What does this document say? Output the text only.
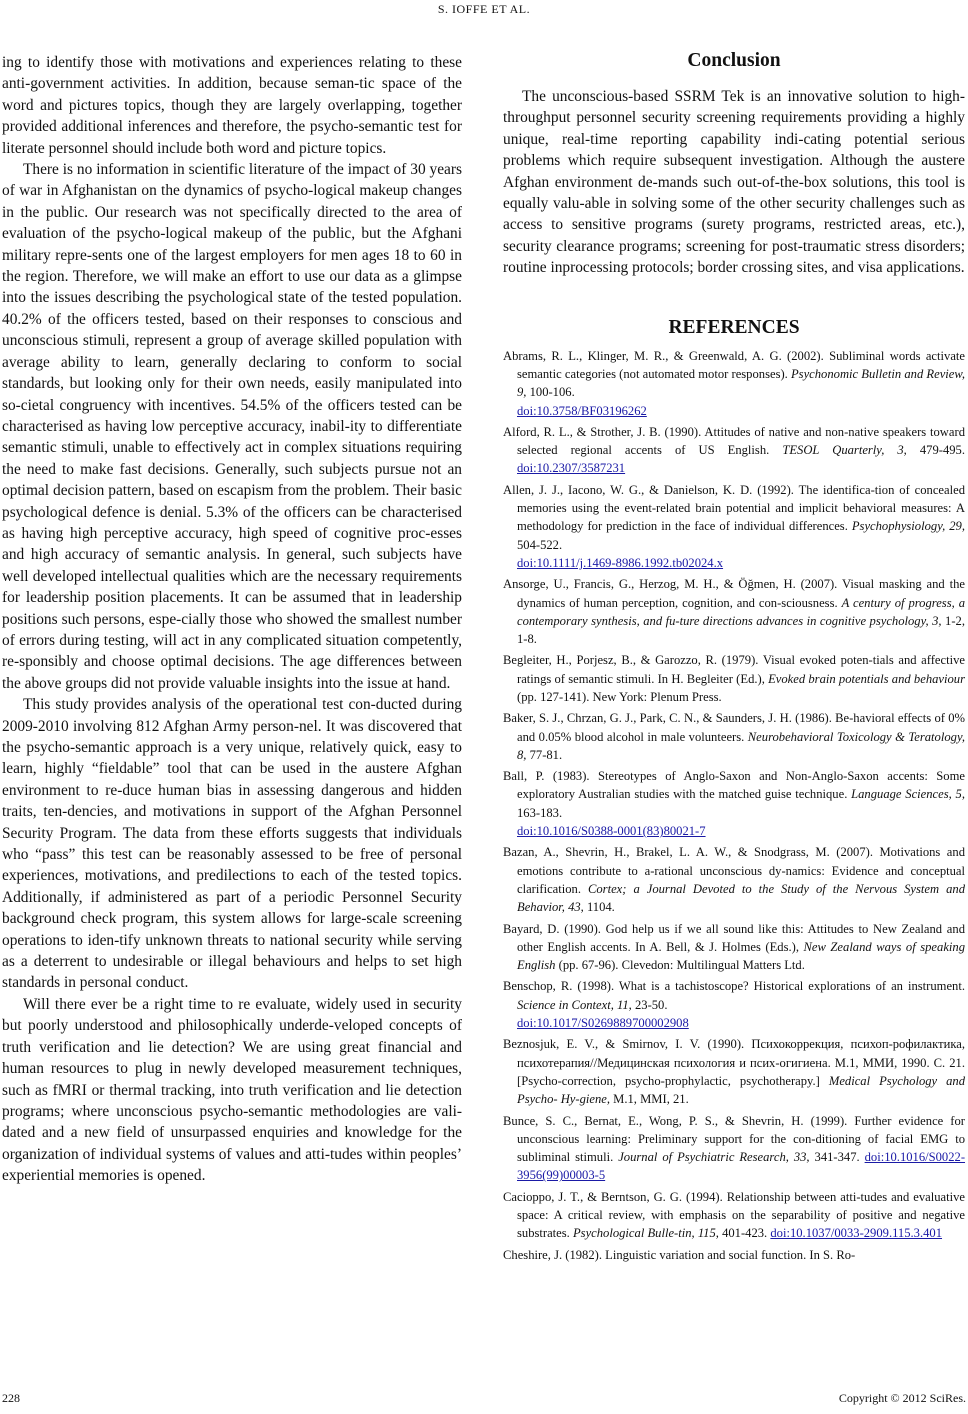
S. IOFFE ET AL.

ing to identify those with motivations and experiences relating to these anti-government activities. In addition, because seman-tic space of the word and pictures topics, though they are largely overlapping, together provided additional inferences and therefore, the psycho-semantic test for literate personnel should include both word and picture topics.

There is no information in scientific literature of the impact of 30 years of war in Afghanistan on the dynamics of psycho-logical makeup changes in the public. Our research was not specifically directed to the area of evaluation of the psycho-logical makeup of the public, but the Afghani military repre-sents one of the largest employers for men ages 18 to 60 in the region. Therefore, we will make an effort to use our data as a glimpse into the issues describing the psychological state of the tested population. 40.2% of the officers tested, based on their responses to conscious and unconscious stimuli, represent a group of average skilled population with average ability to learn, generally declaring to conform to social standards, but looking only for their own needs, easily manipulated into so-cietal congruency with incentives. 54.5% of the officers tested can be characterised as having low perceptive accuracy, inabil-ity to differentiate semantic stimuli, unable to effectively act in complex situations requiring the need to make fast decisions. Generally, such subjects pursue not an optimal decision pattern, based on escapism from the problem. Their basic psychological defence is denial. 5.3% of the officers can be characterised as having high perceptive accuracy, high speed of cognitive proc-esses and high accuracy of semantic analysis. In general, such subjects have well developed intellectual qualities which are the necessary requirements for leadership position placements. It can be assumed that in leadership positions such persons, espe-cially those who showed the smallest number of errors during testing, will act in any complicated situation competently, re-sponsibly and choose optimal decisions. The age differences between the above groups did not provide valuable insights into the issue at hand.

This study provides analysis of the operational test con-ducted during 2009-2010 involving 812 Afghan Army person-nel. It was discovered that the psycho-semantic approach is a very unique, relatively quick, easy to learn, highly “fieldable” tool that can be used in the austere Afghan environment to re-duce human bias in assessing dangerous and hidden traits, ten-dencies, and motivations in support of the Afghan Personnel Security Program. The data from these efforts suggests that individuals who “pass” this test can be reasonably assessed to be free of personal experiences, motivations, and predilections to each of the tested topics. Additionally, if administered as part of a periodic Personnel Security background check program, this system allows for large-scale screening operations to iden-tify unknown threats to national security while serving as a deterrent to undesirable or illegal behaviours and helps to set high standards in personal conduct.

Will there ever be a right time to re evaluate, widely used in security but poorly understood and philosophically underde-veloped concepts of truth verification and lie detection? We are using great financial and human resources to plug in newly developed measurement techniques, such as fMRI or thermal tracking, into truth verification and lie detection programs; where unconscious psycho-semantic methodologies are vali-dated and a new field of unsurpassed enquiries and knowledge for the organization of individual systems of values and atti-tudes within peoples’ experiential memories is opened.

Conclusion

The unconscious-based SSRM Tek is an innovative solution to high-throughput personnel security screening requirements providing a highly unique, real-time reporting capability indi-cating potential serious problems which require subsequent investigation. Although the austere Afghan environment de-mands such out-of-the-box solutions, this tool is equally valu-able in solving some of the other security challenges such as access to sensitive programs (surety programs, restricted areas, etc.), security clearance programs; screening for post-traumatic stress disorders; routine inprocessing protocols; border crossing sites, and visa applications.

REFERENCES
Abrams, R. L., Klinger, M. R., & Greenwald, A. G. (2002). Subliminal words activate semantic categories (not automated motor responses). Psychonomic Bulletin and Review, 9, 100-106.
doi:10.3758/BF03196262
Alford, R. L., & Strother, J. B. (1990). Attitudes of native and non-native speakers toward selected regional accents of US English. TESOL Quarterly, 3, 479-495. doi:10.2307/3587231
Allen, J. J., Iacono, W. G., & Danielson, K. D. (1992). The identifica-tion of concealed memories using the event-related brain potential and implicit behavioral measures: A methodology for prediction in the face of individual differences. Psychophysiology, 29, 504-522.
doi:10.1111/j.1469-8986.1992.tb02024.x
Ansorge, U., Francis, G., Herzog, M. H., & Öğmen, H. (2007). Visual masking and the dynamics of human perception, cognition, and con-sciousness. A century of progress, a contemporary synthesis, and fu-ture directions advances in cognitive psychology, 3, 1-2, 1-8.
Begleiter, H., Porjesz, B., & Garozzo, R. (1979). Visual evoked poten-tials and affective ratings of semantic stimuli. In H. Begleiter (Ed.), Evoked brain potentials and behaviour (pp. 127-141). New York: Plenum Press.
Baker, S. J., Chrzan, G. J., Park, C. N., & Saunders, J. H. (1986). Be-havioral effects of 0% and 0.05% blood alcohol in male volunteers. Neurobehavioral Toxicology & Teratology, 8, 77-81.
Ball, P. (1983). Stereotypes of Anglo-Saxon and Non-Anglo-Saxon accents: Some exploratory Australian studies with the matched guise technique. Language Sciences, 5, 163-183.
doi:10.1016/S0388-0001(83)80021-7
Bazan, A., Shevrin, H., Brakel, L. A. W., & Snodgrass, M. (2007). Motivations and emotions contribute to a-rational unconscious dy-namics: Evidence and conceptual clarification. Cortex; a Journal Devoted to the Study of the Nervous System and Behavior, 43, 1104.
Bayard, D. (1990). God help us if we all sound like this: Attitudes to New Zealand and other English accents. In A. Bell, & J. Holmes (Eds.), New Zealand ways of speaking English (pp. 67-96). Clevedon: Multilingual Matters Ltd.
Benschop, R. (1998). What is a tachistoscope? Historical explorations of an instrument. Science in Context, 11, 23-50.
doi:10.1017/S0269889700002908
Beznosjuk, E. V., & Smirnov, I. V. (1990). Психокоррекция, психоп-рофилактика, психотерапия//Медицинская психология и псих-огигиена. М.1, ММИ, 1990. С. 21. [Psycho-correction, psycho-prophylactic, psychotherapy.] Medical Psychology and Psycho- Hy-giene, M.1, MMI, 21.
Bunce, S. C., Bernat, E., Wong, P. S., & Shevrin, H. (1999). Further evidence for unconscious learning: Preliminary support for the con-ditioning of facial EMG to subliminal stimuli. Journal of Psychiatric Research, 33, 341-347. doi:10.1016/S0022-3956(99)00003-5
Cacioppo, J. T., & Berntson, G. G. (1994). Relationship between atti-tudes and evaluative space: A critical review, with emphasis on the separability of positive and negative substrates. Psychological Bulle-tin, 115, 401-423. doi:10.1037/0033-2909.115.3.401
Cheshire, J. (1982). Linguistic variation and social function. In S. Ro-
228	Copyright © 2012 SciRes.
